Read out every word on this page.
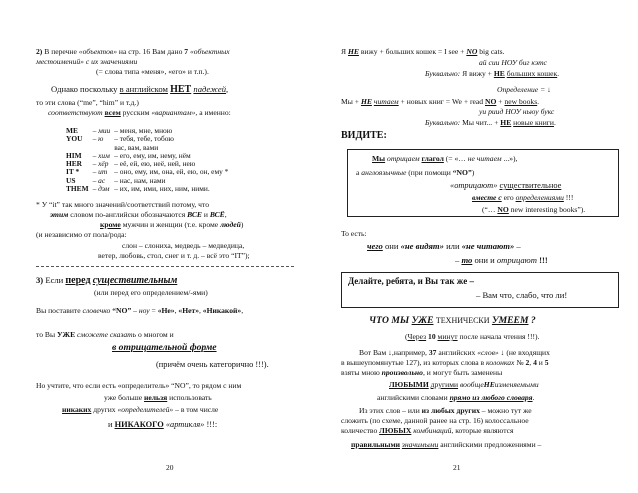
2) В перечне «объектов» на стр. 16 Вам дано 7 «объектных
местоимений» с их значениями
(= слова типа «меня», «его» и т.п.).
Однако поскольку в английском НЕТ падежей,
то эти слова (“me”, “him” и т.д.)
соответствуют всем русским «вариантам», а именно:
ME	– мии	– меня, мне, мною
YOU	– ю	– тебя, тебе, тобою
		вас, вам, вами
HIM	– хим	– его, ему, им, нему, нём
HER	– хёр	– её, ей, ею, неё, ней, нею
IT *	– ит	– оно, ему, им, она, ей, ею, он, ему *
US	– ас	– нас, нам, нами
THEM	– дэм	– их, им, ими, них, ним, ними.
* У “it” так много значений/соответствий потому, что
этим словом по-английски обозначаются ВСЕ и ВСЁ,
кроме мужчин и женщин (т.е. кроме людей)
(и независимо от пола/рода:
слон – слониха, медведь – медведица,
ветер, любовь, стол, снег и т. д. – всё это “IT”);
3) Если перед существительным
(или перед его определением/-ями)
Вы поставите словечко “NO” – ноу = «Не», «Нет», «Никакой»,
то Вы УЖЕ сможете сказать о многом и
в отрицательной форме
(причём очень категорично !!!).
Но учтите, что если есть «определитель» “NO”, то рядом с ним
уже больше нельзя использовать
никаких других «определителей» – в том числе
и НИКАКОГО «артикля» !!!:
20
Я НЕ вижу + больших кошек = I see + NO big cats.
ай сии НОУ биг кэтс
Буквально: Я вижу + НЕ больших кошек.
Определение = ↓
Мы + НЕ читаем + новых книг = We + read NO + new books.
уи риид НОУ ньюу букс
Буквально: Мы чит... + НЕ новые книги.
ВИДИТЕ:
Мы отрицаем глагол (= «… не читаем ...»),
а англоязычные (при помощи “NO”)
«отрицают» существительное
вместе с его определениями !!!
(“… NO new interesting books”).
То есть:
чего они «не видят» или «не читают» –
– то они и отрицают !!!
Делайте, ребята, и Вы так же –
– Вам что, слабо, что ли!
ЧТО МЫ УЖЕ ТЕХНИЧЕСКИ УМЕЕМ ?
(Через 10 минут после начала чтения !!!).
Вот Вам ↓,например, 37 английских «слов» ↓ (не входящих
в вышеупомянутые 127), из которых слова в колонках № 2, 4 и 5
взяты мною произвольно, и могут быть заменены
ЛЮБЫМИ другими вообщеНЕизменяемыми
английскими словами прямо из любого словаря.
Из этих слов – или из любых других – можно тут же
сложить (по схеме, данной ранее на стр. 16) колоссальное
количество ЛЮБЫХ комбинаций, которые являются
правильными значимыми английскими предложениями –
21
